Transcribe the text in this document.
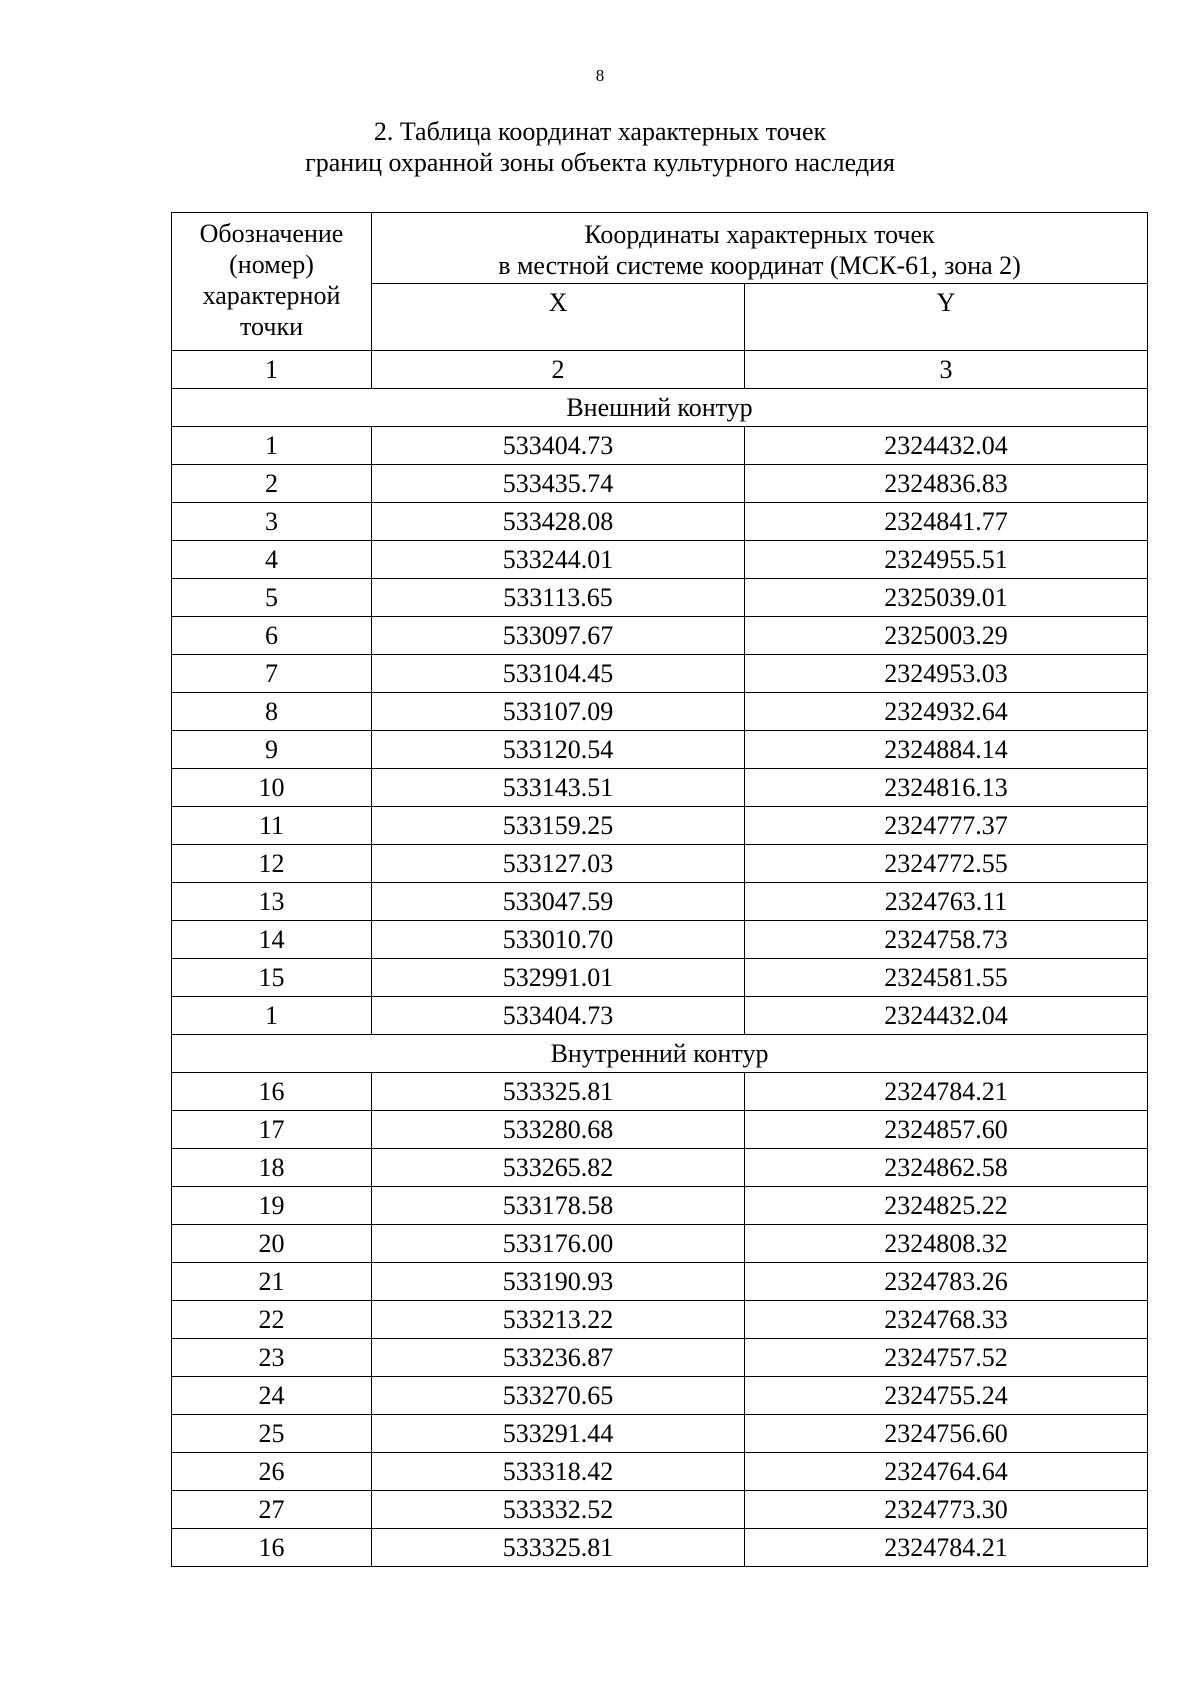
8
2. Таблица координат характерных точек
границ охранной зоны объекта культурного наследия
Обозначение (номер) характерной точки	Координаты характерных точек
в местной системе координат (МСК-61, зона 2)	

	X	Y
1	2	3
Внешний контур		
1	533404.73	2324432.04
2	533435.74	2324836.83
3	533428.08	2324841.77
4	533244.01	2324955.51
5	533113.65	2325039.01
6	533097.67	2325003.29
7	533104.45	2324953.03
8	533107.09	2324932.64
9	533120.54	2324884.14
10	533143.51	2324816.13
11	533159.25	2324777.37
12	533127.03	2324772.55
13	533047.59	2324763.11
14	533010.70	2324758.73
15	532991.01	2324581.55
1	533404.73	2324432.04
Внутренний контур		
16	533325.81	2324784.21
17	533280.68	2324857.60
18	533265.82	2324862.58
19	533178.58	2324825.22
20	533176.00	2324808.32
21	533190.93	2324783.26
22	533213.22	2324768.33
23	533236.87	2324757.52
24	533270.65	2324755.24
25	533291.44	2324756.60
26	533318.42	2324764.64
27	533332.52	2324773.30
16	533325.81	2324784.21
